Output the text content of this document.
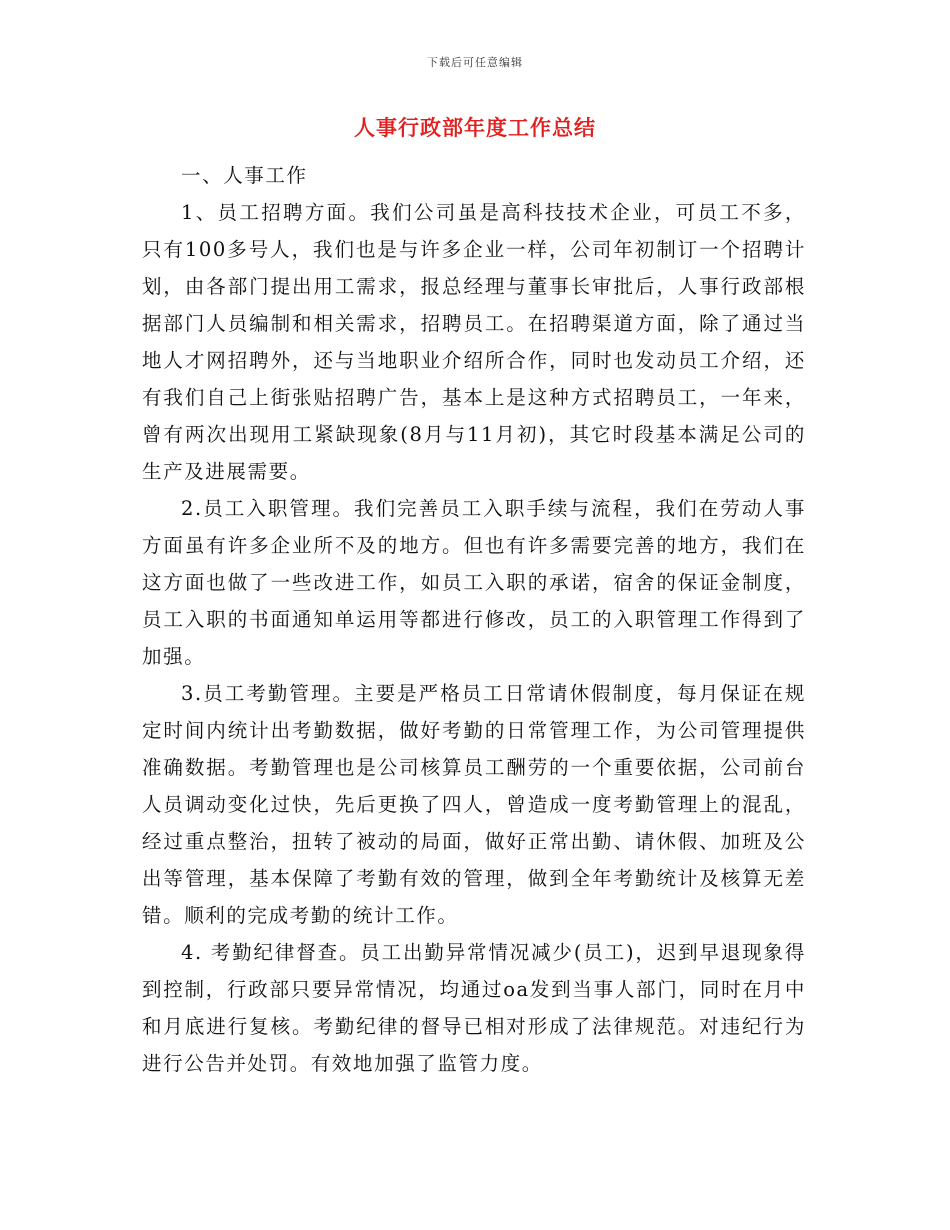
下载后可任意编辑
人事行政部年度工作总结

一、人事工作

1、员工招聘方面。我们公司虽是高科技技术企业，可员工不多，只有100多号人，我们也是与许多企业一样，公司年初制订一个招聘计划，由各部门提出用工需求，报总经理与董事长审批后，人事行政部根据部门人员编制和相关需求，招聘员工。在招聘渠道方面，除了通过当地人才网招聘外，还与当地职业介绍所合作，同时也发动员工介绍，还有我们自己上街张贴招聘广告，基本上是这种方式招聘员工，一年来，曾有两次出现用工紧缺现象(8月与11月初)，其它时段基本满足公司的生产及进展需要。

2.员工入职管理。我们完善员工入职手续与流程，我们在劳动人事方面虽有许多企业所不及的地方。但也有许多需要完善的地方，我们在这方面也做了一些改进工作，如员工入职的承诺，宿舍的保证金制度，员工入职的书面通知单运用等都进行修改，员工的入职管理工作得到了加强。

3.员工考勤管理。主要是严格员工日常请休假制度，每月保证在规定时间内统计出考勤数据，做好考勤的日常管理工作，为公司管理提供准确数据。考勤管理也是公司核算员工酬劳的一个重要依据，公司前台人员调动变化过快，先后更换了四人，曾造成一度考勤管理上的混乱，经过重点整治，扭转了被动的局面，做好正常出勤、请休假、加班及公出等管理，基本保障了考勤有效的管理，做到全年考勤统计及核算无差错。顺利的完成考勤的统计工作。

4. 考勤纪律督查。员工出勤异常情况减少(员工)，迟到早退现象得到控制，行政部只要异常情况，均通过oa发到当事人部门，同时在月中和月底进行复核。考勤纪律的督导已相对形成了法律规范。对违纪行为进行公告并处罚。有效地加强了监管力度。
